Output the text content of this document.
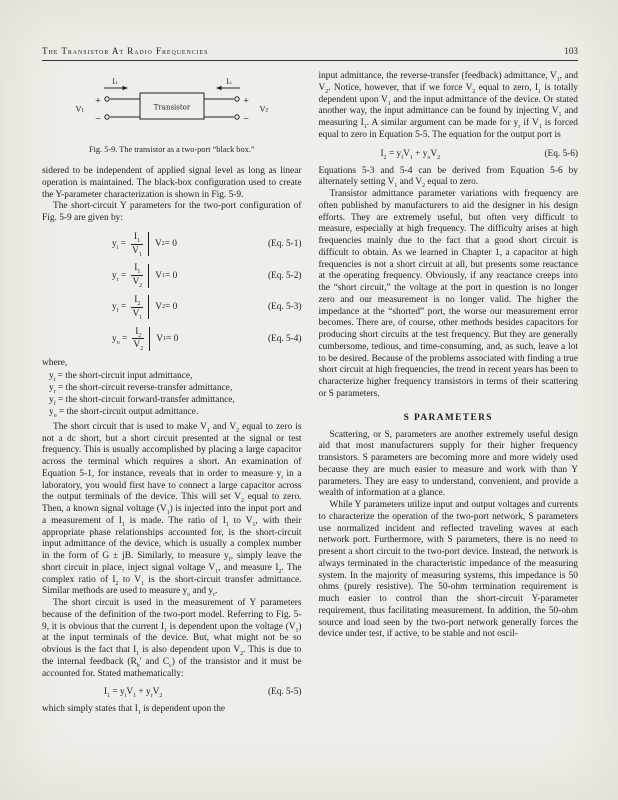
The Transistor At Radio Frequencies	103
Transistor
I₁	I₂
+
−
V₁
+
−
V₂
Fig. 5-9. The transistor as a two-port “black box.”

sidered to be independent of applied signal level as long as linear operation is maintained. The black-box configuration used to create the Y-parameter characterization is shown in Fig. 5-9.

The short-circuit Y parameters for the two-port configuration of Fig. 5-9 are given by:

$y_i = \frac{I_1}{V_1}$	V 2 = 0	(Eq. 5-1)
$y_r = \frac{I_1}{V_2}$	V 1 = 0	(Eq. 5-2)
$y_f = \frac{I_2}{V_1}$	V 2 = 0	(Eq. 5-3)
$y_o = \frac{I_2}{V_2}$	V 1 = 0	(Eq. 5-4)

where,

$y_i$ = the short-circuit input admittance,
$y_r$ = the short-circuit reverse-transfer admittance,
$y_f$ = the short-circuit forward-transfer admittance,
$y_o$ = the short-circuit output admittance.

The short circuit that is used to make $V_1$ and $V_2$ equal to zero is not a dc short, but a short circuit presented at the signal or test frequency. This is usually accomplished by placing a large capacitor across the terminal which requires a short. An examination of Equation 5-1, for instance, reveals that in order to measure $y_i$ in a laboratory, you would first have to connect a large capacitor across the output terminals of the device. This will set $V_2$ equal to zero. Then, a known signal voltage $(V_1)$ is injected into the input port and a measurement of $I_1$ is made. The ratio of $I_1$ to $V_1$, with their appropriate phase relationships accounted for, is the short-circuit input admittance of the device, which is usually a complex number in the form of G ± jB. Similarly, to measure $y_f$, simply leave the short circuit in place, inject signal voltage $V_1$, and measure $I_2$. The complex ratio of $I_2$ to $V_1$ is the short-circuit transfer admittance. Similar methods are used to measure $y_o$ and $y_r$.

The short circuit is used in the measurement of Y parameters because of the definition of the two-port model. Referring to Fig. 5-9, it is obvious that the current $I_1$ is dependent upon the voltage $(V_1)$ at the input terminals of the device. But, what might not be so obvious is the fact that $I_1$ is also dependent upon $V_2$. This is due to the internal feedback ($R_b'$ and $C_c$) of the transistor and it must be accounted for. Stated mathematically:

$I_1 = y_iV_1 + y_rV_2$	(Eq. 5-5)

which simply states that $I_1$ is dependent upon the

input admittance, the reverse-transfer (feedback) admittance, $V_1$, and $V_2$. Notice, however, that if we force $V_2$ equal to zero, $I_1$ is totally dependent upon $V_1$ and the input admittance of the device. Or stated another way, the input admittance can be found by injecting $V_1$ and measuring $I_1$. A similar argument can be made for $y_r$ if $V_1$ is forced equal to zero in Equation 5-5. The equation for the output port is

$I_2 = y_fV_1 + y_oV_2$	(Eq. 5-6)

Equations 5-3 and 5-4 can be derived from Equation 5-6 by alternately setting $V_1$ and $V_2$ equal to zero.

Transistor admittance parameter variations with frequency are often published by manufacturers to aid the designer in his design efforts. They are extremely useful, but often very difficult to measure, especially at high frequency. The difficulty arises at high frequencies mainly due to the fact that a good short circuit is difficult to obtain. As we learned in Chapter 1, a capacitor at high frequencies is not a short circuit at all, but presents some reactance at the operating frequency. Obviously, if any reactance creeps into the “short circuit,” the voltage at the port in question is no longer zero and our measurement is no longer valid. The higher the impedance at the “shorted” port, the worse our measurement error becomes. There are, of course, other methods besides capacitors for producing short circuits at the test frequency. But they are generally cumbersome, tedious, and time-consuming, and, as such, leave a lot to be desired. Because of the problems associated with finding a true short circuit at high frequencies, the trend in recent years has been to characterize higher frequency transistors in terms of their scattering or S parameters.

S PARAMETERS

Scattering, or S, parameters are another extremely useful design aid that most manufacturers supply for their higher frequency transistors. S parameters are becoming more and more widely used because they are much easier to measure and work with than Y parameters. They are easy to understand, convenient, and provide a wealth of information at a glance.

While Y parameters utilize input and output voltages and currents to characterize the operation of the two-port network, S parameters use normalized incident and reflected traveling waves at each network port. Furthermore, with S parameters, there is no need to present a short circuit to the two-port device. Instead, the network is always terminated in the characteristic impedance of the measuring system. In the majority of measuring systems, this impedance is 50 ohms (purely resistive). The 50-ohm termination requirement is much easier to control than the short-circuit Y-parameter requirement, thus facilitating measurement. In addition, the 50-ohm source and load seen by the two-port network generally forces the device under test, if active, to be stable and not oscil-
